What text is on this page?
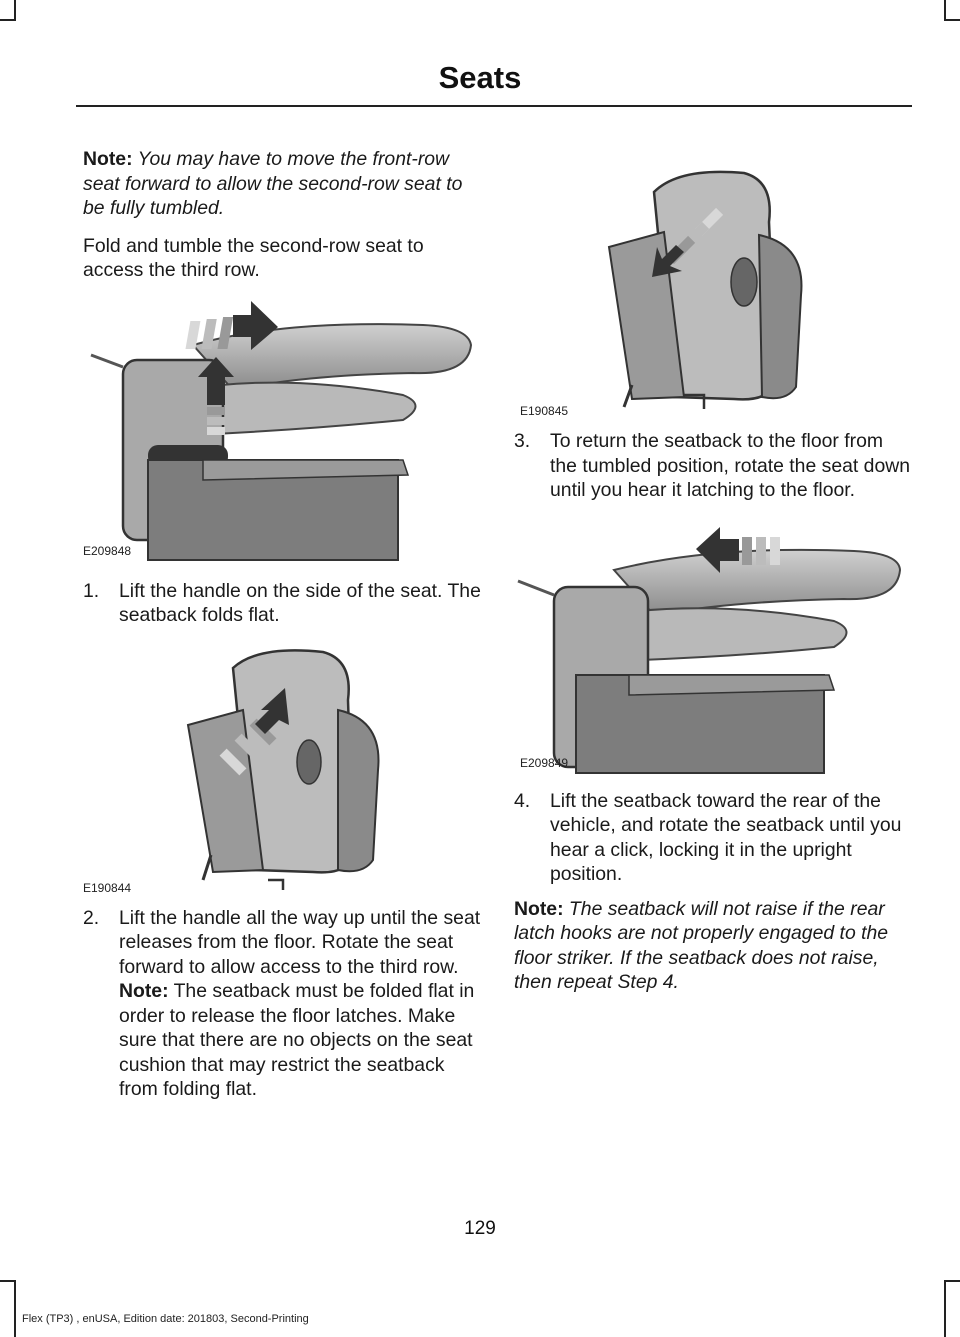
Seats

Note: You may have to move the front-row seat forward to allow the second-row seat to be fully tumbled.

Fold and tumble the second-row seat to access the third row.

E209848
1. Lift the handle on the side of the seat. The seatback folds flat.
E190844
2. Lift the handle all the way up until the seat releases from the floor. Rotate the seat forward to allow access to the third row. Note: The seatback must be folded flat in order to release the floor latches. Make sure that there are no objects on the seat cushion that may restrict the seatback from folding flat.
E190845
3. To return the seatback to the floor from the tumbled position, rotate the seat down until you hear it latching to the floor.
E209849
4. Lift the seatback toward the rear of the vehicle, and rotate the seatback until you hear a click, locking it in the upright position.

Note: The seatback will not raise if the rear latch hooks are not properly engaged to the floor striker. If the seatback does not raise, then repeat Step 4.

129
Flex (TP3) , enUSA, Edition date: 201803, Second-Printing
